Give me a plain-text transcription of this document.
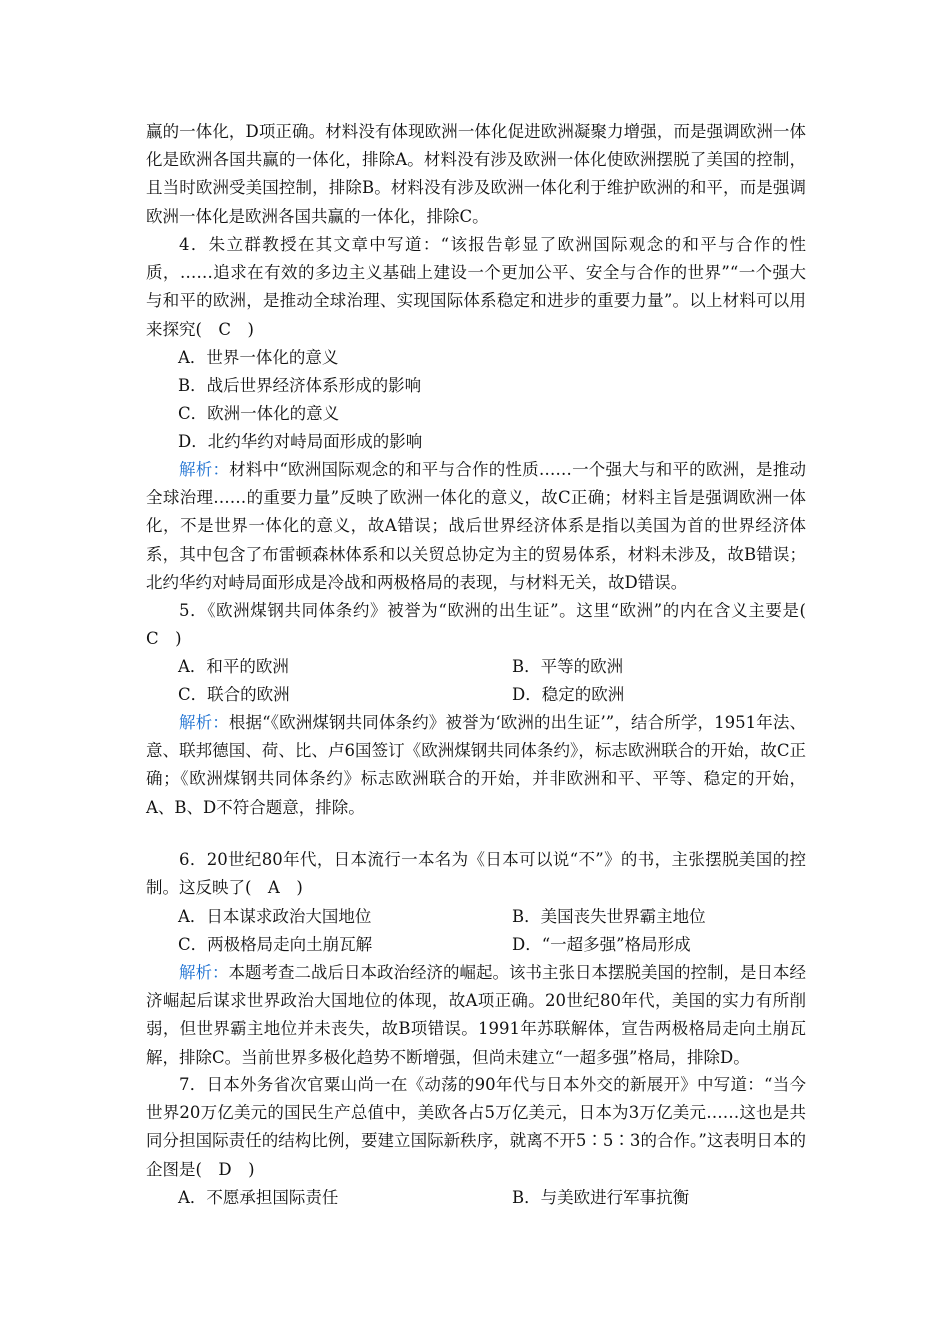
赢的一体化，D项正确。材料没有体现欧洲一体化促进欧洲凝聚力增强，而是强调欧洲一体化是欧洲各国共赢的一体化，排除A。材料没有涉及欧洲一体化使欧洲摆脱了美国的控制，且当时欧洲受美国控制，排除B。材料没有涉及欧洲一体化利于维护欧洲的和平，而是强调欧洲一体化是欧洲各国共赢的一体化，排除C。

4．朱立群教授在其文章中写道：“该报告彰显了欧洲国际观念的和平与合作的性质，……追求在有效的多边主义基础上建设一个更加公平、安全与合作的世界”“一个强大与和平的欧洲，是推动全球治理、实现国际体系稳定和进步的重要力量”。以上材料可以用来探究(　C　)

A．世界一体化的意义
B．战后世界经济体系形成的影响
C．欧洲一体化的意义
D．北约华约对峙局面形成的影响

解析：材料中“欧洲国际观念的和平与合作的性质……一个强大与和平的欧洲，是推动全球治理……的重要力量”反映了欧洲一体化的意义，故C正确；材料主旨是强调欧洲一体化，不是世界一体化的意义，故A错误；战后世界经济体系是指以美国为首的世界经济体系，其中包含了布雷顿森林体系和以关贸总协定为主的贸易体系，材料未涉及，故B错误；北约华约对峙局面形成是冷战和两极格局的表现，与材料无关，故D错误。

5．《欧洲煤钢共同体条约》被誉为“欧洲的出生证”。这里“欧洲”的内在含义主要是(　C　)

A．和平的欧洲	B．平等的欧洲
C．联合的欧洲	D．稳定的欧洲

解析：根据“《欧洲煤钢共同体条约》被誉为‘欧洲的出生证’”，结合所学，1951年法、意、联邦德国、荷、比、卢6国签订《欧洲煤钢共同体条约》，标志欧洲联合的开始，故C正确；《欧洲煤钢共同体条约》标志欧洲联合的开始，并非欧洲和平、平等、稳定的开始，A、B、D不符合题意，排除。

6．20世纪80年代，日本流行一本名为《日本可以说“不”》的书，主张摆脱美国的控制。这反映了(　A　)

A．日本谋求政治大国地位	B．美国丧失世界霸主地位
C．两极格局走向土崩瓦解	D．“一超多强”格局形成

解析：本题考查二战后日本政治经济的崛起。该书主张日本摆脱美国的控制，是日本经济崛起后谋求世界政治大国地位的体现，故A项正确。20世纪80年代，美国的实力有所削弱，但世界霸主地位并未丧失，故B项错误。1991年苏联解体，宣告两极格局走向土崩瓦解，排除C。当前世界多极化趋势不断增强，但尚未建立“一超多强”格局，排除D。

7．日本外务省次官粟山尚一在《动荡的90年代与日本外交的新展开》中写道：“当今世界20万亿美元的国民生产总值中，美欧各占5万亿美元，日本为3万亿美元……这也是共同分担国际责任的结构比例，要建立国际新秩序，就离不开5∶5∶3的合作。”这表明日本的企图是(　D　)

A．不愿承担国际责任	B．与美欧进行军事抗衡
